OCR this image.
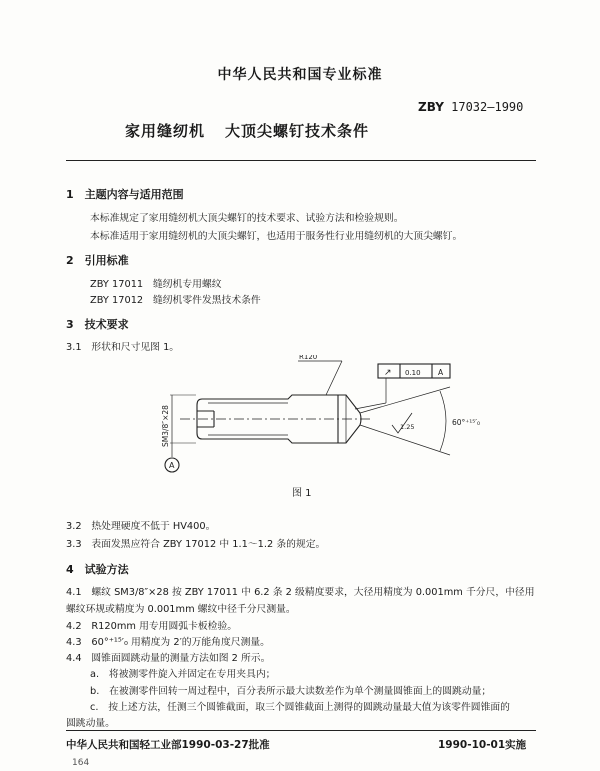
中华人民共和国专业标准
ZBY 17032—1990
家用缝纫机 大顶尖螺钉技术条件
1　主题内容与适用范围
本标准规定了家用缝纫机大顶尖螺钉的技术要求、试验方法和检验规则。
本标准适用于家用缝纫机的大顶尖螺钉，也适用于服务性行业用缝纫机的大顶尖螺钉。
2　引用标准
ZBY 17011　缝纫机专用螺纹
ZBY 17012　缝纫机零件发黑技术条件
3　技术要求
3.1　形状和尺寸见图 1。
SM3/8″×28
R120
↗ 0.10 A
A
60°⁺¹⁵′₀
1.25
图 1
3.2　热处理硬度不低于 HV400。
3.3　表面发黑应符合 ZBY 17012 中 1.1～1.2 条的规定。
4　试验方法
4.1　螺纹 SM3/8″×28 按 ZBY 17011 中 6.2 条 2 级精度要求，大径用精度为 0.001mm 千分尺，中径用
螺纹环规或精度为 0.001mm 螺纹中径千分尺测量。
4.2　R120mm 用专用圆弧卡板检验。
4.3　60°⁺¹⁵′₀ 用精度为 2′的万能角度尺测量。
4.4　圆锥面圆跳动量的测量方法如图 2 所示。
a.　将被测零件旋入并固定在专用夹具内；
b.　在被测零件回转一周过程中，百分表所示最大读数差作为单个测量圆锥面上的圆跳动量；
c.　按上述方法，任测三个圆锥截面，取三个圆锥截面上测得的圆跳动量最大值为该零件圆锥面的
圆跳动量。
中华人民共和国轻工业部1990-03-27批准	1990-10-01实施
164
